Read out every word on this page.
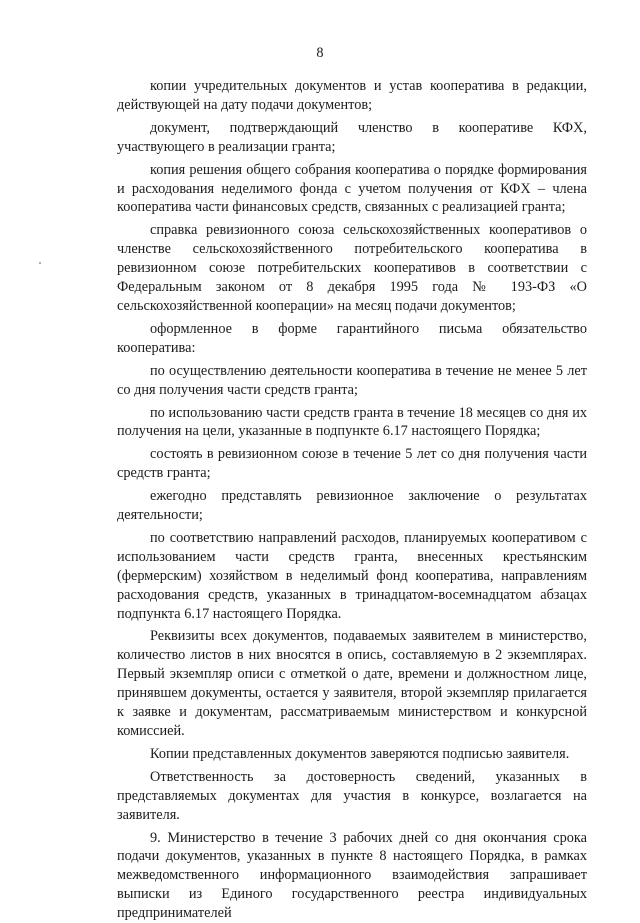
8

копии учредительных документов и устав кооператива в редакции, действующей на дату подачи документов;

документ, подтверждающий членство в кооперативе КФХ, участвующего в реализации гранта;

копия решения общего собрания кооператива о порядке формирования и расходования неделимого фонда с учетом получения от КФХ – члена кооператива части финансовых средств, связанных с реализацией гранта;

справка ревизионного союза сельскохозяйственных кооперативов о членстве сельскохозяйственного потребительского кооператива в ревизионном союзе потребительских кооперативов в соответствии с Федеральным законом от 8 декабря 1995 года № 193-ФЗ «О сельскохозяйственной кооперации» на месяц подачи документов;

оформленное в форме гарантийного письма обязательство кооператива:

по осуществлению деятельности кооператива в течение не менее 5 лет со дня получения части средств гранта;

по использованию части средств гранта в течение 18 месяцев со дня их получения на цели, указанные в подпункте 6.17 настоящего Порядка;

состоять в ревизионном союзе в течение 5 лет со дня получения части средств гранта;

ежегодно представлять ревизионное заключение о результатах деятельности;

по соответствию направлений расходов, планируемых кооперативом с использованием части средств гранта, внесенных крестьянским (фермерским) хозяйством в неделимый фонд кооператива, направлениям расходования средств, указанных в тринадцатом-восемнадцатом абзацах подпункта 6.17 настоящего Порядка.

Реквизиты всех документов, подаваемых заявителем в министерство, количество листов в них вносятся в опись, составляемую в 2 экземплярах. Первый экземпляр описи с отметкой о дате, времени и должностном лице, принявшем документы, остается у заявителя, второй экземпляр прилагается к заявке и документам, рассматриваемым министерством и конкурсной комиссией.

Копии представленных документов заверяются подписью заявителя.

Ответственность за достоверность сведений, указанных в представляемых документах для участия в конкурсе, возлагается на заявителя.

9. Министерство в течение 3 рабочих дней со дня окончания срока подачи документов, указанных в пункте 8 настоящего Порядка, в рамках межведомственного информационного взаимодействия запрашивает выписки из Единого государственного реестра индивидуальных предпринимателей
